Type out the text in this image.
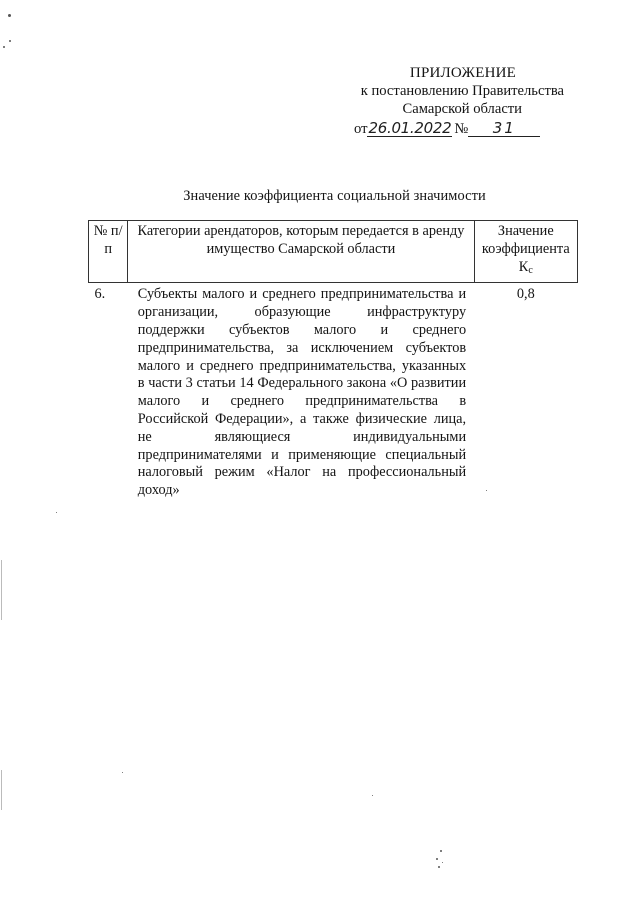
ПРИЛОЖЕНИЕ
к постановлению Правительства
Самарской области
от26.01.2022 № 31
Значение коэффициента социальной значимости
№ п/п	Категории арендаторов, которым передается в аренду имущество Самарской области	Значение
коэффициента
Кс

6.	Субъекты малого и среднего предпринимательства и организации, образующие инфраструктуру поддержки субъектов малого и среднего предпринимательства, за исключением субъектов малого и среднего предпринимательства, указанных в части 3 статьи 14 Федерального закона «О развитии малого и среднего предпринимательства в Российской Федерации», а также физические лица, не являющиеся индивидуальными предпринимателями и применяющие специальный налоговый режим «Налог на профессиональный доход»	0,8
